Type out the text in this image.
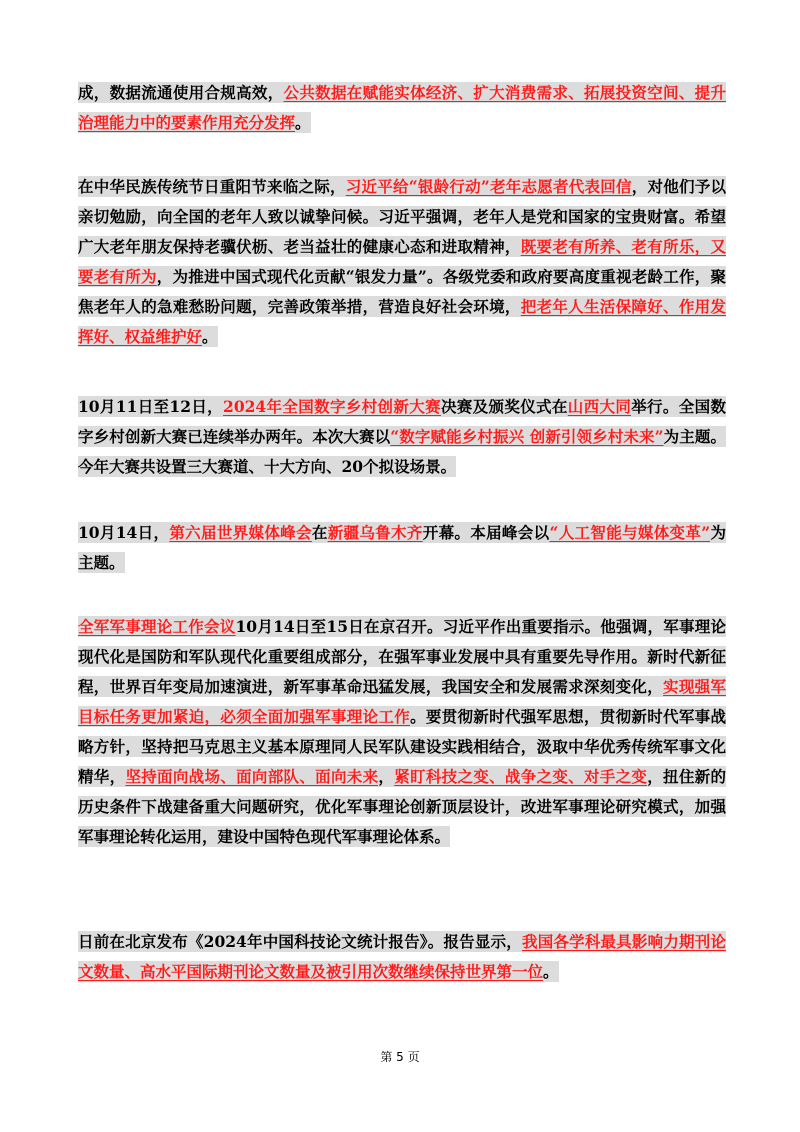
成，数据流通使用合规高效，公共数据在赋能实体经济、扩大消费需求、拓展投资空间、提升治理能力中的要素作用充分发挥。
在中华民族传统节日重阳节来临之际，习近平给“银龄行动”老年志愿者代表回信，对他们予以亲切勉励，向全国的老年人致以诚挚问候。习近平强调，老年人是党和国家的宝贵财富。希望广大老年朋友保持老骥伏枥、老当益壮的健康心态和进取精神，既要老有所养、老有所乐，又要老有所为，为推进中国式现代化贡献“银发力量”。各级党委和政府要高度重视老龄工作，聚焦老年人的急难愁盼问题，完善政策举措，营造良好社会环境，把老年人生活保障好、作用发挥好、权益维护好。
10月11日至12日，2024年全国数字乡村创新大赛决赛及颁奖仪式在山西大同举行。全国数字乡村创新大赛已连续举办两年。本次大赛以“数字赋能乡村振兴 创新引领乡村未来”为主题。今年大赛共设置三大赛道、十大方向、20个拟设场景。
10月14日，第六届世界媒体峰会在新疆乌鲁木齐开幕。本届峰会以“人工智能与媒体变革”为主题。
全军军事理论工作会议10月14日至15日在京召开。习近平作出重要指示。他强调，军事理论现代化是国防和军队现代化重要组成部分，在强军事业发展中具有重要先导作用。新时代新征程，世界百年变局加速演进，新军事革命迅猛发展，我国安全和发展需求深刻变化，实现强军目标任务更加紧迫，必须全面加强军事理论工作。要贯彻新时代强军思想，贯彻新时代军事战略方针，坚持把马克思主义基本原理同人民军队建设实践相结合，汲取中华优秀传统军事文化精华，坚持面向战场、面向部队、面向未来，紧盯科技之变、战争之变、对手之变，扭住新的历史条件下战建备重大问题研究，优化军事理论创新顶层设计，改进军事理论研究模式，加强军事理论转化运用，建设中国特色现代军事理论体系。
日前在北京发布《2024年中国科技论文统计报告》。报告显示，我国各学科最具影响力期刊论文数量、高水平国际期刊论文数量及被引用次数继续保持世界第一位。
第 5 页
